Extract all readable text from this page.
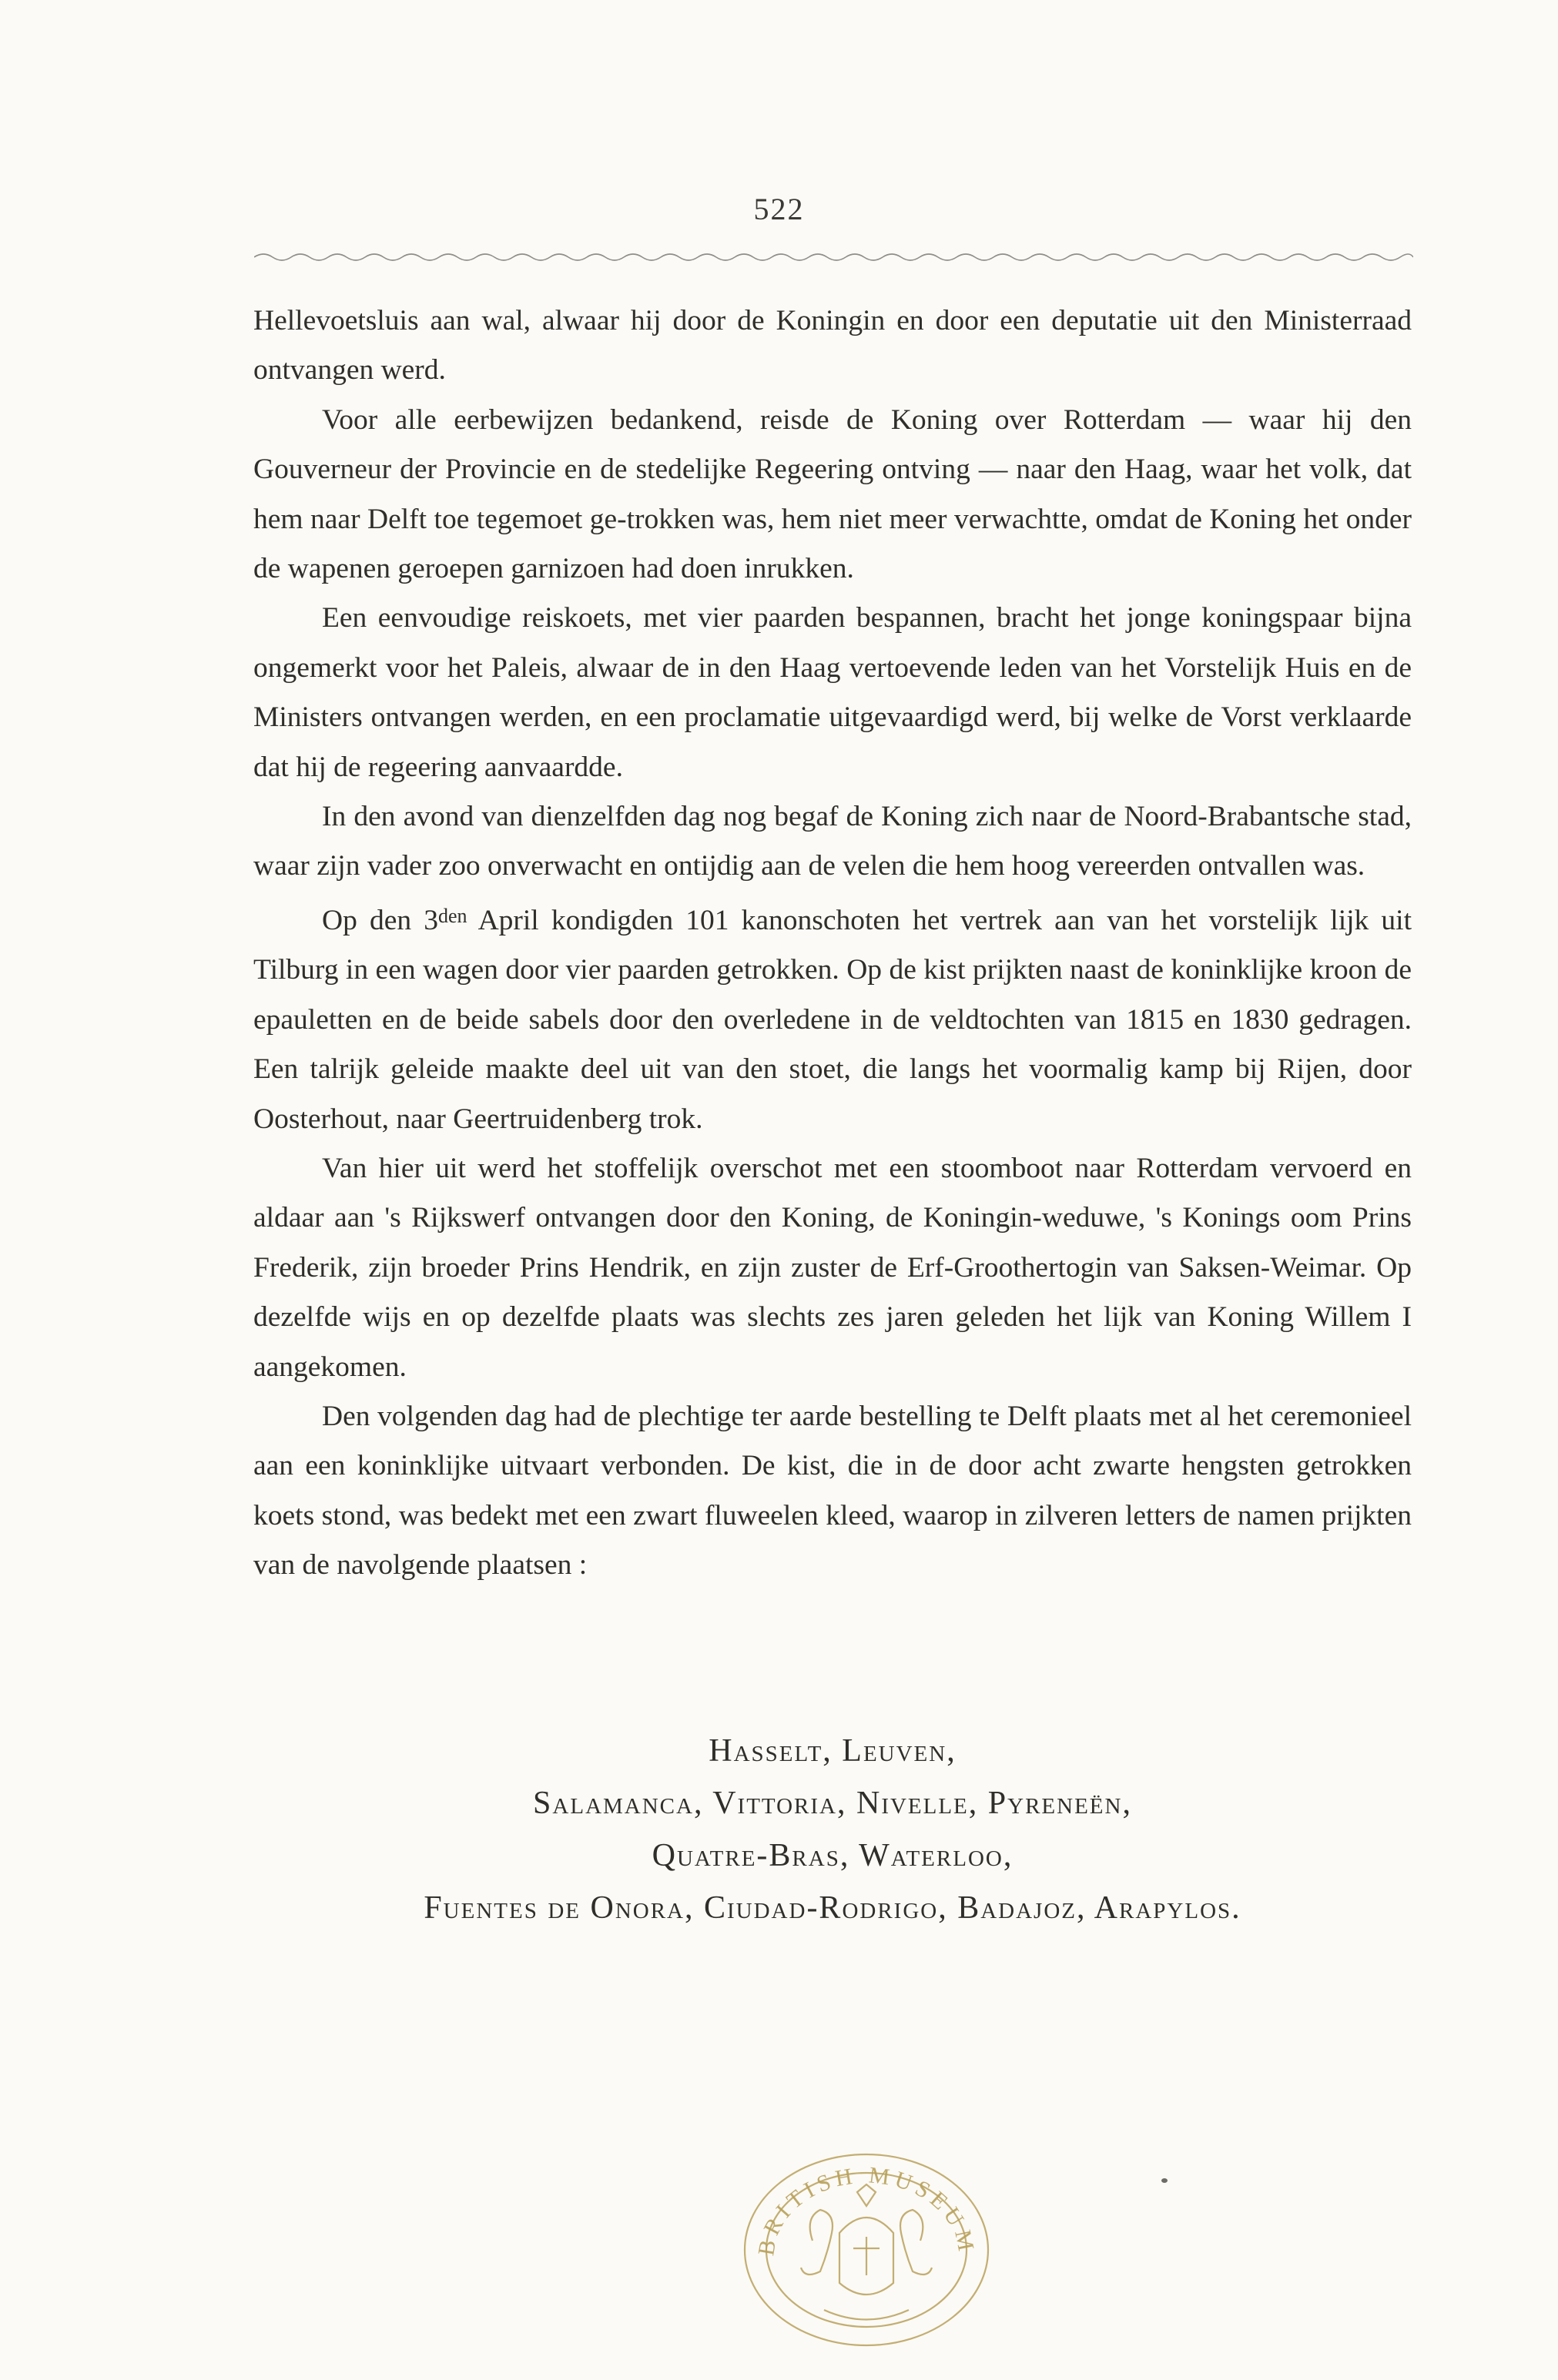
522

Hellevoetsluis aan wal, alwaar hij door de Koningin en door een deputatie uit den Ministerraad ontvangen werd.

Voor alle eerbewijzen bedankend, reisde de Koning over Rotterdam — waar hij den Gouverneur der Provincie en de stedelijke Regeering ontving — naar den Haag, waar het volk, dat hem naar Delft toe tegemoet ge-trokken was, hem niet meer verwachtte, omdat de Koning het onder de wapenen geroepen garnizoen had doen inrukken.

Een eenvoudige reiskoets, met vier paarden bespannen, bracht het jonge koningspaar bijna ongemerkt voor het Paleis, alwaar de in den Haag vertoevende leden van het Vorstelijk Huis en de Ministers ontvangen werden, en een proclamatie uitgevaardigd werd, bij welke de Vorst verklaarde dat hij de regeering aanvaardde.

In den avond van dienzelfden dag nog begaf de Koning zich naar de Noord-Brabantsche stad, waar zijn vader zoo onverwacht en ontijdig aan de velen die hem hoog vereerden ontvallen was.

Op den $3^{den}$ April kondigden 101 kanonschoten het vertrek aan van het vorstelijk lijk uit Tilburg in een wagen door vier paarden getrokken. Op de kist prijkten naast de koninklijke kroon de epauletten en de beide sabels door den overledene in de veldtochten van 1815 en 1830 gedragen. Een talrijk geleide maakte deel uit van den stoet, die langs het voormalig kamp bij Rijen, door Oosterhout, naar Geertruidenberg trok.

Van hier uit werd het stoffelijk overschot met een stoomboot naar Rotterdam vervoerd en aldaar aan 's Rijkswerf ontvangen door den Koning, de Koningin-weduwe, 's Konings oom Prins Frederik, zijn broeder Prins Hendrik, en zijn zuster de Erf-Groothertogin van Saksen-Weimar. Op dezelfde wijs en op dezelfde plaats was slechts zes jaren geleden het lijk van Koning Willem I aangekomen.

Den volgenden dag had de plechtige ter aarde bestelling te Delft plaats met al het ceremonieel aan een koninklijke uitvaart verbonden. De kist, die in de door acht zwarte hengsten getrokken koets stond, was bedekt met een zwart fluweelen kleed, waarop in zilveren letters de namen prijkten van de navolgende plaatsen :

Hasselt, Leuven,
Salamanca, Vittoria, Nivelle, Pyreneën,
Quatre-Bras, Waterloo,
Fuentes de Onora, Ciudad-Rodrigo, Badajoz, Arapylos.
BRITISH MUSEUM
